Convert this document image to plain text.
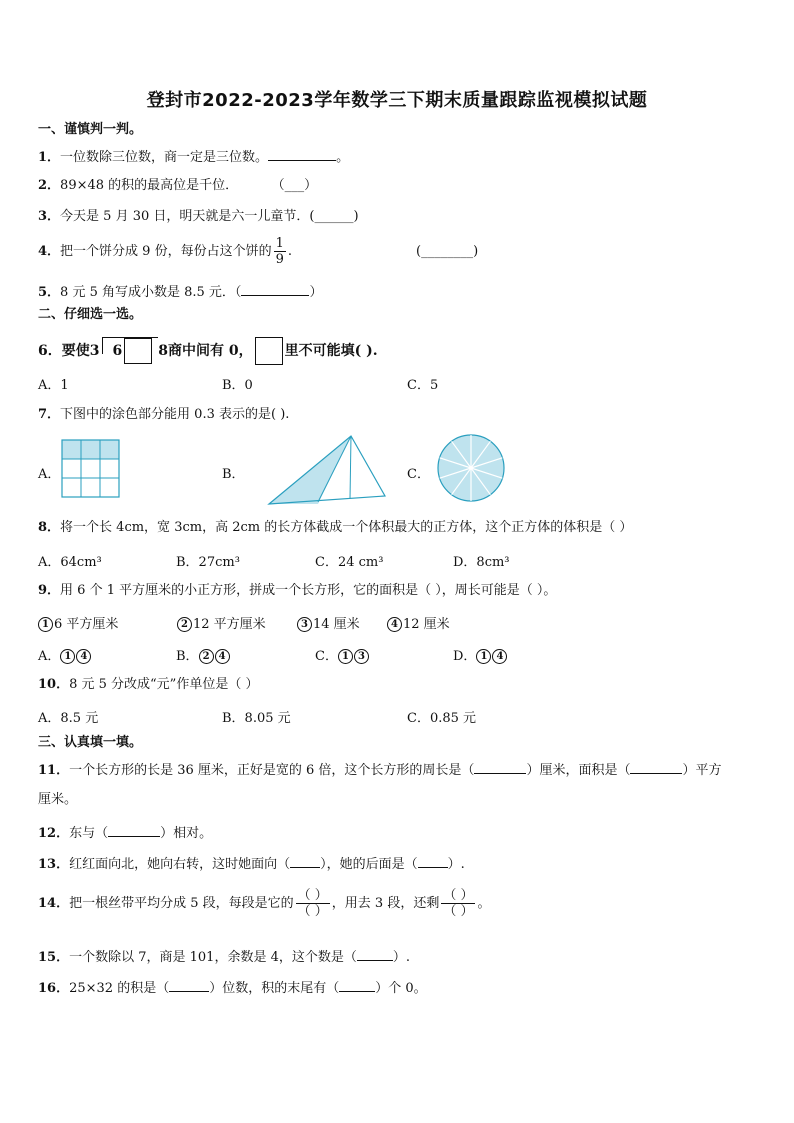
登封市2022-2023学年数学三下期末质量跟踪监视模拟试题
一、谨慎判一判。
1．一位数除三位数，商一定是三位数。	。
2．89×48 的积的最高位是千位．	（___）
3．今天是 5 月 30 日，明天就是六一儿童节．(______)
4．把一个饼分成 9 份，每份占这个饼的 $\frac{1}{9}$ .	(________)
5．8 元 5 角写成小数是 8.5 元．（	）
二、仔细选一选。
6．要使3 6	8商中间有 0， 里不可能填( ).
A．1	B．0	C．5
7．下图中的涂色部分能用 0.3 表示的是( ).
A．	B．	C．
8．将一个长 4cm，宽 3cm，高 2cm 的长方体截成一个体积最大的正方体，这个正方体的体积是（ ）
A．64cm³	B．27cm³	C．24 cm³	D．8cm³
9．用 6 个 1 平方厘米的小正方形，拼成一个长方形，它的面积是（ ），周长可能是（ ）。
1 6 平方厘米	2 12 平方厘米	3 14 厘米	4 12 厘米
A． 1 4	B． 2 4	C． 1 3	D． 1 4
10．8 元 5 分改成“元”作单位是（ ）
A．8.5 元	B．8.05 元	C．0.85 元
三、认真填一填。
11．一个长方形的长是 36 厘米，正好是宽的 6 倍，这个长方形的周长是（	）厘米，面积是（	）平方
厘米。
12．东与（	）相对。
13．红红面向北，她向右转，这时她面向（ ），她的后面是（ ）.
14．把一根丝带平均分成 5 段，每段是它的 $\frac{( )}{( )}$ ，用去 3 段，还剩 $\frac{( )}{( )}$ 。
15．一个数除以 7，商是 101，余数是 4，这个数是（	）.
16．25×32 的积是（	）位数，积的末尾有（	）个 0。
